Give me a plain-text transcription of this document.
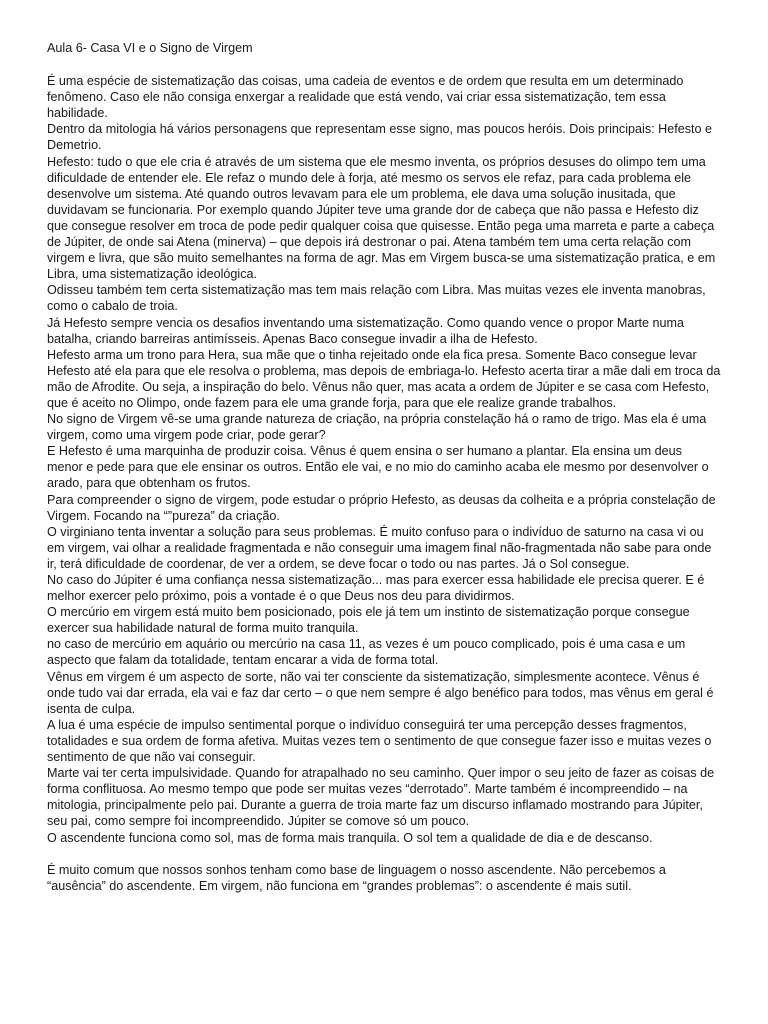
Aula 6- Casa VI e o Signo de Virgem

É uma espécie de sistematização das coisas, uma cadeia de eventos e de ordem que resulta em um determinado fenômeno. Caso ele não consiga enxergar a realidade que está vendo, vai criar essa sistematização, tem essa habilidade.

Dentro da mitologia há vários personagens que representam esse signo, mas poucos heróis. Dois principais: Hefesto e Demetrio.

Hefesto: tudo o que ele cria é através de um sistema que ele mesmo inventa, os próprios desuses do olimpo tem uma dificuldade de entender ele. Ele refaz o mundo dele à forja, até mesmo os servos ele refaz, para cada problema ele desenvolve um sistema. Até quando outros levavam para ele um problema, ele dava uma solução inusitada, que duvidavam se funcionaria. Por exemplo quando Júpiter teve uma grande dor de cabeça que não passa e Hefesto diz que consegue resolver em troca de pode pedir qualquer coisa que quisesse. Então pega uma marreta e parte a cabeça de Júpiter, de onde sai Atena (minerva) – que depois irá destronar o pai. Atena também tem uma certa relação com virgem e livra, que são muito semelhantes na forma de agr. Mas em Virgem busca-se uma sistematização pratica, e em Libra, uma sistematização ideológica.

Odisseu também tem certa sistematização mas tem mais relação com Libra. Mas muitas vezes ele inventa manobras, como o cabalo de troia.

Já Hefesto sempre vencia os desafios inventando uma sistematização. Como quando vence o propor Marte numa batalha, criando barreiras antimísseis. Apenas Baco consegue invadir a ilha de Hefesto.

Hefesto arma um trono para Hera, sua mãe que o tinha rejeitado onde ela fica presa. Somente Baco consegue levar Hefesto até ela para que ele resolva o problema, mas depois de embriaga-lo. Hefesto acerta tirar a mãe dali em troca da mão de Afrodite. Ou seja, a inspiração do belo. Vênus não quer, mas acata a ordem de Júpiter e se casa com Hefesto, que é aceito no Olimpo, onde fazem para ele uma grande forja, para que ele realize grande trabalhos.

No signo de Virgem vê-se uma grande natureza de criação, na própria constelação há o ramo de trigo. Mas ela é uma virgem, como uma virgem pode criar, pode gerar?

E Hefesto é uma marquinha de produzir coisa. Vênus é quem ensina o ser humano a plantar. Ela ensina um deus menor e pede para que ele ensinar os outros. Então ele vai, e no mio do caminho acaba ele mesmo por desenvolver o arado, para que obtenham os frutos.

Para compreender o signo de virgem, pode estudar o próprio Hefesto, as deusas da colheita e a própria constelação de Virgem. Focando na “”pureza” da criação.

O virginiano tenta inventar a solução para seus problemas. É muito confuso para o indivíduo de saturno na casa vi ou em virgem, vai olhar a realidade fragmentada e não conseguir uma imagem final não-fragmentada não sabe para onde ir, terá dificuldade de coordenar, de ver a ordem, se deve focar o todo ou nas partes. Já o Sol consegue.

No caso do Júpiter é uma confiança nessa sistematização... mas para exercer essa habilidade ele precisa querer. E é melhor exercer pelo próximo, pois a vontade é o que Deus nos deu para dividirmos.

O mercúrio em virgem está muito bem posicionado, pois ele já tem um instinto de sistematização porque consegue exercer sua habilidade natural de forma muito tranquila.

no caso de mercúrio em aquário ou mercúrio na casa 11, as vezes é um pouco complicado, pois é uma casa e um aspecto que falam da totalidade, tentam encarar a vida de forma total.

Vênus em virgem é um aspecto de sorte, não vai ter consciente da sistematização, simplesmente acontece. Vênus é onde tudo vai dar errada, ela vai e faz dar certo – o que nem sempre é algo benéfico para todos, mas vênus em geral é isenta de culpa.

A lua é uma espécie de impulso sentimental porque o indivíduo conseguirá ter uma percepção desses fragmentos, totalidades e sua ordem de forma afetiva. Muitas vezes tem o sentimento de que consegue fazer isso e muitas vezes o sentimento de que não vai conseguir.

Marte vai ter certa impulsividade. Quando for atrapalhado no seu caminho. Quer impor o seu jeito de fazer as coisas de forma conflituosa. Ao mesmo tempo que pode ser muitas vezes “derrotado”. Marte também é incompreendido – na mitologia, principalmente pelo pai. Durante a guerra de troia marte faz um discurso inflamado mostrando para Júpiter, seu pai, como sempre foi incompreendido. Júpiter se comove só um pouco.

O ascendente funciona como sol, mas de forma mais tranquila. O sol tem a qualidade de dia e de descanso.

É muito comum que nossos sonhos tenham como base de linguagem o nosso ascendente. Não percebemos a “ausência” do ascendente. Em virgem, não funciona em “grandes problemas”: o ascendente é mais sutil.
